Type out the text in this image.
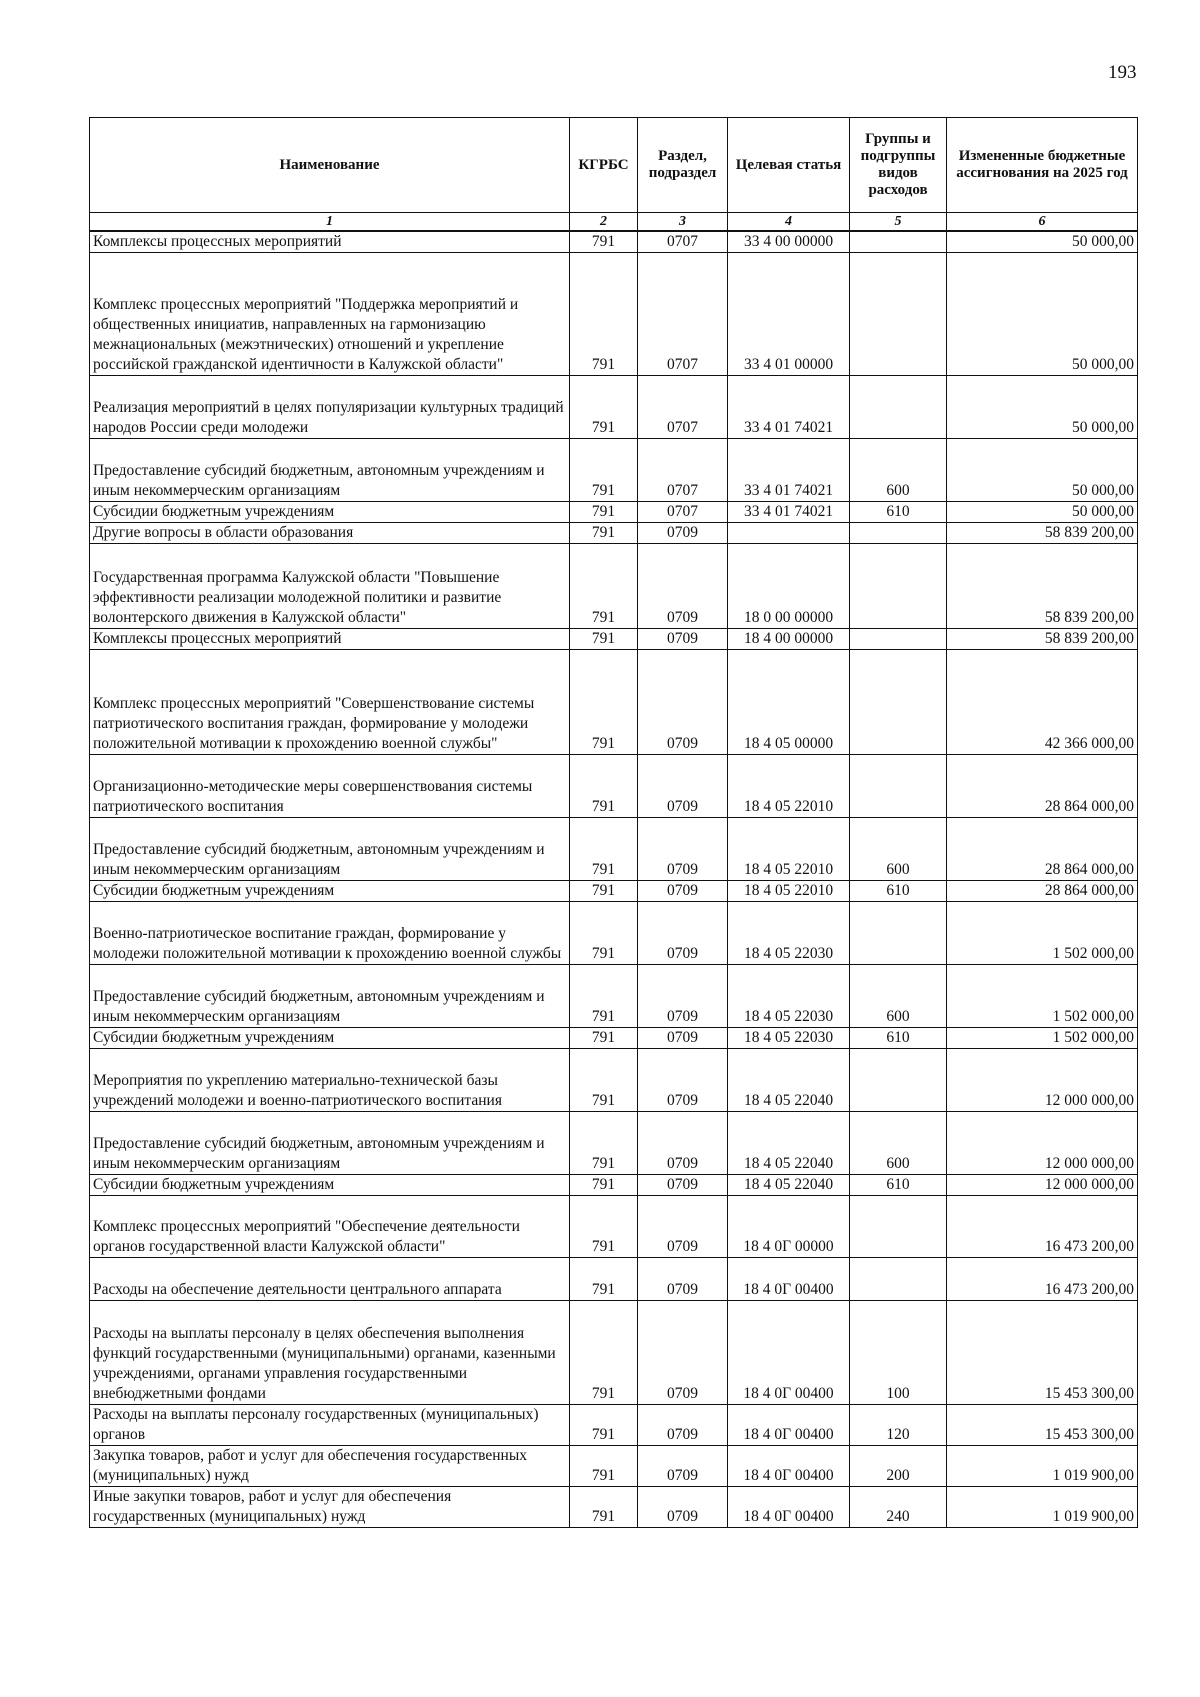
193
Наименование	КГРБС	Раздел, подраздел	Целевая статья	Группы и подгруппы видов расходов	Измененные бюджетные ассигнования на 2025 год
1	2	3	4	5	6
Комплексы процессных мероприятий	791	0707	33 4 00 00000		50 000,00
Комплекс процессных мероприятий "Поддержка мероприятий и общественных инициатив, направленных на гармонизацию межнациональных (межэтнических) отношений и укрепление российской гражданской идентичности в Калужской области"	791	0707	33 4 01 00000		50 000,00
Реализация мероприятий в целях популяризации культурных традиций народов России среди молодежи	791	0707	33 4 01 74021		50 000,00
Предоставление субсидий бюджетным, автономным учреждениям и иным некоммерческим организациям	791	0707	33 4 01 74021	600	50 000,00
Субсидии бюджетным учреждениям	791	0707	33 4 01 74021	610	50 000,00
Другие вопросы в области образования	791	0709			58 839 200,00
Государственная программа Калужской области "Повышение эффективности реализации молодежной политики и развитие волонтерского движения в Калужской области"	791	0709	18 0 00 00000		58 839 200,00
Комплексы процессных мероприятий	791	0709	18 4 00 00000		58 839 200,00
Комплекс процессных мероприятий "Совершенствование системы патриотического воспитания граждан, формирование у молодежи положительной мотивации к прохождению военной службы"	791	0709	18 4 05 00000		42 366 000,00
Организационно-методические меры совершенствования системы патриотического воспитания	791	0709	18 4 05 22010		28 864 000,00
Предоставление субсидий бюджетным, автономным учреждениям и иным некоммерческим организациям	791	0709	18 4 05 22010	600	28 864 000,00
Субсидии бюджетным учреждениям	791	0709	18 4 05 22010	610	28 864 000,00
Военно-патриотическое воспитание граждан, формирование у молодежи положительной мотивации к прохождению военной службы	791	0709	18 4 05 22030		1 502 000,00
Предоставление субсидий бюджетным, автономным учреждениям и иным некоммерческим организациям	791	0709	18 4 05 22030	600	1 502 000,00
Субсидии бюджетным учреждениям	791	0709	18 4 05 22030	610	1 502 000,00
Мероприятия по укреплению материально-технической базы учреждений молодежи и военно-патриотического воспитания	791	0709	18 4 05 22040		12 000 000,00
Предоставление субсидий бюджетным, автономным учреждениям и иным некоммерческим организациям	791	0709	18 4 05 22040	600	12 000 000,00
Субсидии бюджетным учреждениям	791	0709	18 4 05 22040	610	12 000 000,00
Комплекс процессных мероприятий "Обеспечение деятельности органов государственной власти Калужской области"	791	0709	18 4 0Г 00000		16 473 200,00
Расходы на обеспечение деятельности центрального аппарата	791	0709	18 4 0Г 00400		16 473 200,00
Расходы на выплаты персоналу в целях обеспечения выполнения функций государственными (муниципальными) органами, казенными учреждениями, органами управления государственными внебюджетными фондами	791	0709	18 4 0Г 00400	100	15 453 300,00
Расходы на выплаты персоналу государственных (муниципальных) органов	791	0709	18 4 0Г 00400	120	15 453 300,00
Закупка товаров, работ и услуг для обеспечения государственных (муниципальных) нужд	791	0709	18 4 0Г 00400	200	1 019 900,00
Иные закупки товаров, работ и услуг для обеспечения государственных (муниципальных) нужд	791	0709	18 4 0Г 00400	240	1 019 900,00
